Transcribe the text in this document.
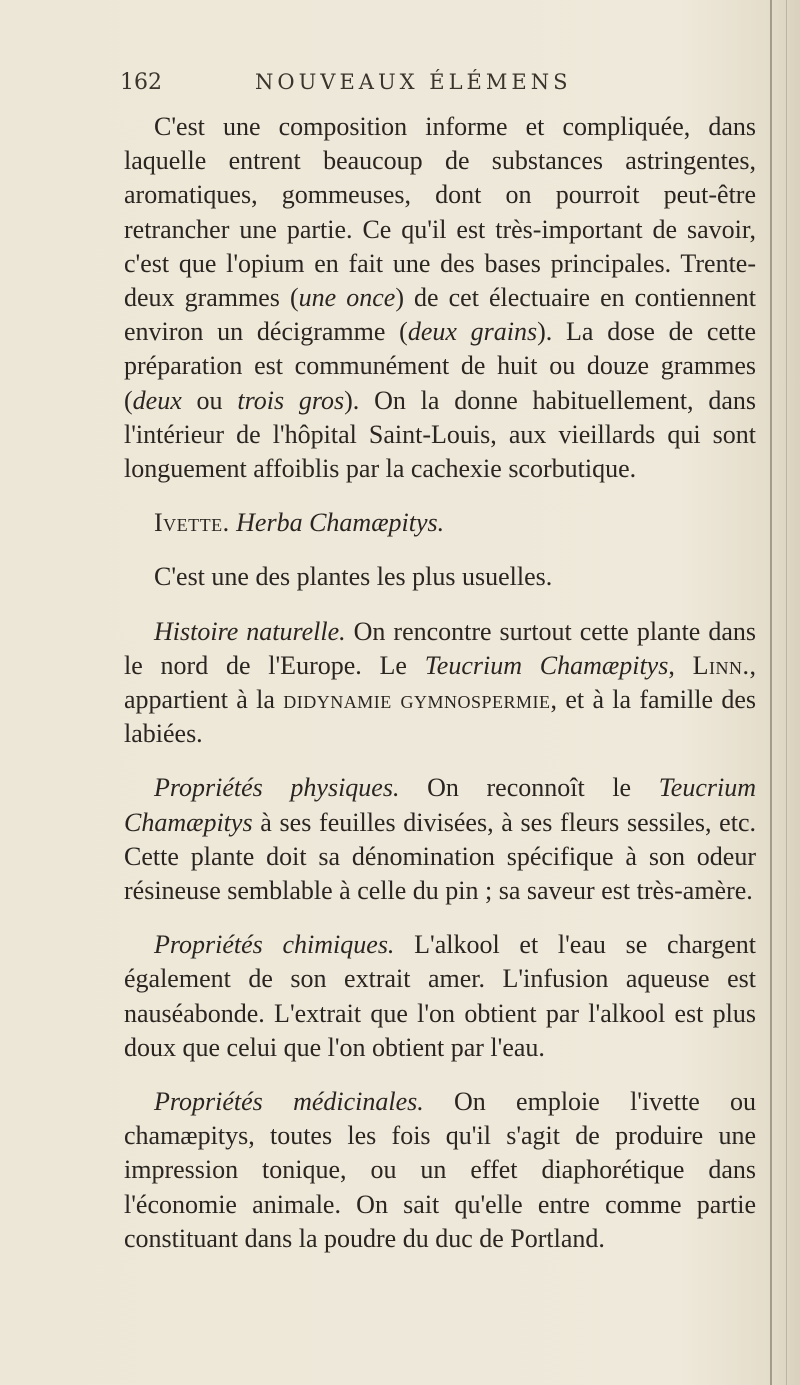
162	NOUVEAUX ÉLÉMENS

C'est une composition informe et compliquée, dans laquelle entrent beaucoup de substances astringentes, aromatiques, gommeuses, dont on pourroit peut-être retrancher une partie. Ce qu'il est très-important de savoir, c'est que l'opium en fait une des bases principales. Trente-deux grammes (une once) de cet électuaire en contiennent environ un décigramme (deux grains). La dose de cette préparation est communément de huit ou douze grammes (deux ou trois gros). On la donne habituellement, dans l'intérieur de l'hôpital Saint-Louis, aux vieillards qui sont longuement affoiblis par la cachexie scorbutique.

Ivette. Herba Chamæpitys.

C'est une des plantes les plus usuelles.

Histoire naturelle. On rencontre surtout cette plante dans le nord de l'Europe. Le Teucrium Chamæpitys, Linn., appartient à la didynamie gymnospermie, et à la famille des labiées.

Propriétés physiques. On reconnoît le Teucrium Chamæpitys à ses feuilles divisées, à ses fleurs sessiles, etc. Cette plante doit sa dénomination spécifique à son odeur résineuse semblable à celle du pin ; sa saveur est très-amère.

Propriétés chimiques. L'alkool et l'eau se chargent également de son extrait amer. L'infusion aqueuse est nauséabonde. L'extrait que l'on obtient par l'alkool est plus doux que celui que l'on obtient par l'eau.

Propriétés médicinales. On emploie l'ivette ou chamæpitys, toutes les fois qu'il s'agit de produire une impression tonique, ou un effet diaphorétique dans l'économie animale. On sait qu'elle entre comme partie constituant dans la poudre du duc de Portland.
